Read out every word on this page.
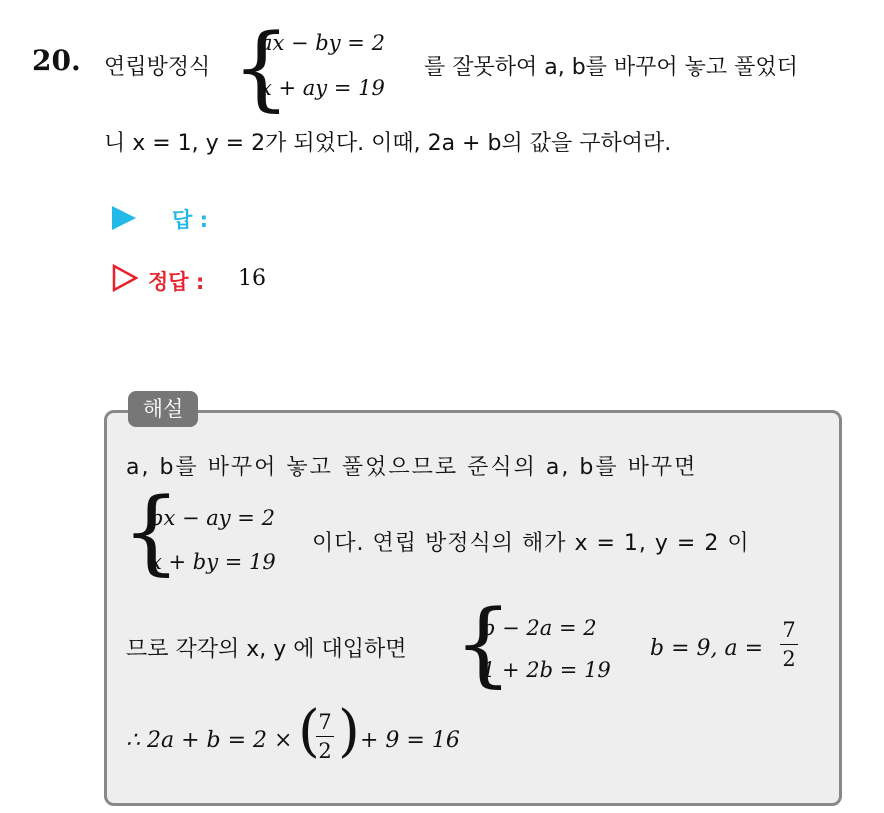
20. 연립방정식 {
ax − by = 2
x + ay = 19
를 잘못하여 a, b를 바꾸어 놓고 풀었더
니 x = 1, y = 2가 되었다. 이때, 2a + b의 값을 구하여라.
답 :
정답 : 16
해설
a, b를 바꾸어 놓고 풀었으므로 준식의 a, b를 바꾸면
{
bx − ay = 2
x + by = 19
이다. 연립 방정식의 해가 x = 1, y = 2 이
므로 각각의 x, y 에 대입하면 {
b − 2a = 2
1 + 2b = 19
b = 9, a =
7
2
∴ 2a + b = 2 × (
7
2 ) + 9 = 16
